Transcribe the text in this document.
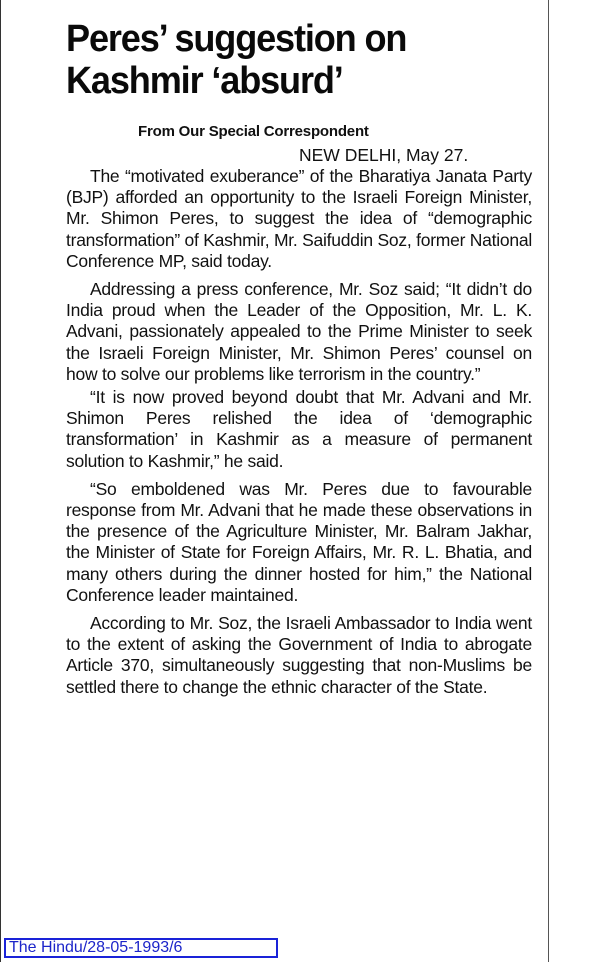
Peres’ suggestion on
Kashmir ‘absurd’
From Our Special Correspondent
NEW DELHI, May 27.

The “motivated exuberance” of the Bharatiya Janata Party (BJP) afforded an opportunity to the Israeli Foreign Minister, Mr. Shimon Peres, to suggest the idea of “demographic transformation” of Kashmir, Mr. Saifuddin Soz, former National Conference MP, said today.

Addressing a press conference, Mr. Soz said; “It didn’t do India proud when the Leader of the Opposition, Mr. L. K. Advani, passionately appealed to the Prime Minister to seek the Israeli Foreign Minister, Mr. Shimon Peres’ counsel on how to solve our problems like terrorism in the country.”

“It is now proved beyond doubt that Mr. Advani and Mr. Shimon Peres relished the idea of ‘demographic transformation’ in Kashmir as a measure of permanent solution to Kashmir,” he said.

“So emboldened was Mr. Peres due to favourable response from Mr. Advani that he made these observations in the presence of the Agriculture Minister, Mr. Balram Jakhar, the Minister of State for Foreign Affairs, Mr. R. L. Bhatia, and many others during the dinner hosted for him,” the National Conference leader maintained.

According to Mr. Soz, the Israeli Ambassador to India went to the extent of asking the Government of India to abrogate Article 370, simultaneously suggesting that non-Muslims be settled there to change the ethnic character of the State.

The Hindu/28-05-1993/6
